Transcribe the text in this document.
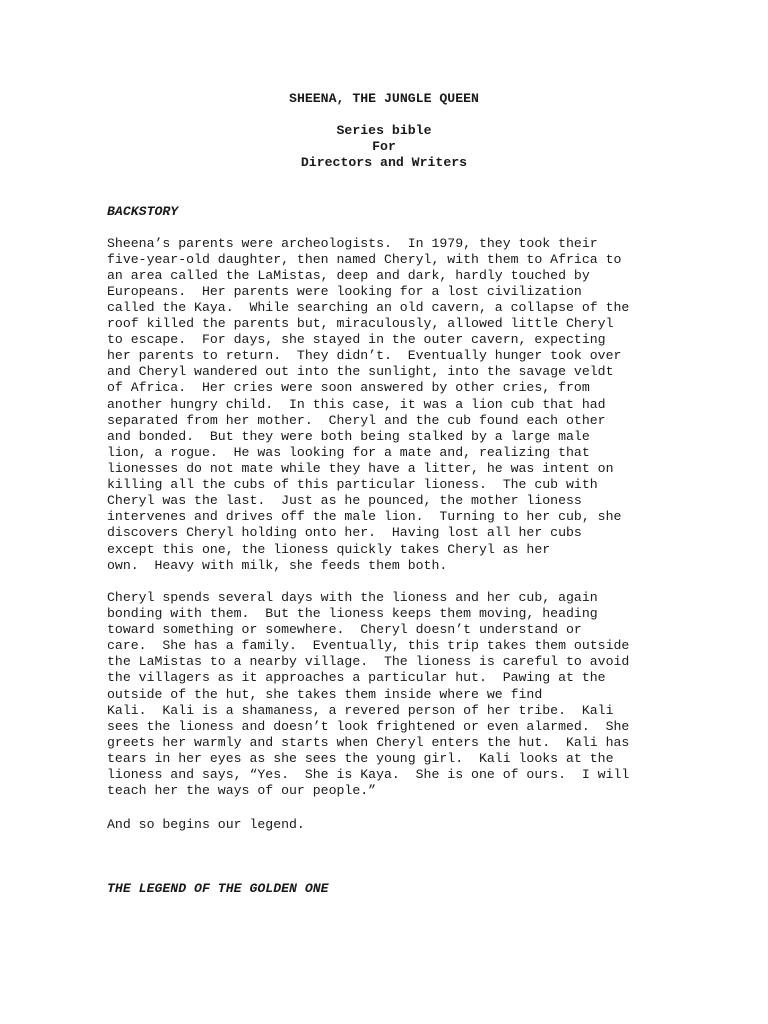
SHEENA, THE JUNGLE QUEEN

Series bible

For

Directors and Writers

BACKSTORY

Sheena’s parents were archeologists.  In 1979, they took their

five-year-old daughter, then named Cheryl, with them to Africa to

an area called the LaMistas, deep and dark, hardly touched by

Europeans.  Her parents were looking for a lost civilization

called the Kaya.  While searching an old cavern, a collapse of the

roof killed the parents but, miraculously, allowed little Cheryl

to escape.  For days, she stayed in the outer cavern, expecting

her parents to return.  They didn’t.  Eventually hunger took over

and Cheryl wandered out into the sunlight, into the savage veldt

of Africa.  Her cries were soon answered by other cries, from

another hungry child.  In this case, it was a lion cub that had

separated from her mother.  Cheryl and the cub found each other

and bonded.  But they were both being stalked by a large male

lion, a rogue.  He was looking for a mate and, realizing that

lionesses do not mate while they have a litter, he was intent on

killing all the cubs of this particular lioness.  The cub with

Cheryl was the last.  Just as he pounced, the mother lioness

intervenes and drives off the male lion.  Turning to her cub, she

discovers Cheryl holding onto her.  Having lost all her cubs

except this one, the lioness quickly takes Cheryl as her

own.  Heavy with milk, she feeds them both.

Cheryl spends several days with the lioness and her cub, again

bonding with them.  But the lioness keeps them moving, heading

toward something or somewhere.  Cheryl doesn’t understand or

care.  She has a family.  Eventually, this trip takes them outside

the LaMistas to a nearby village.  The lioness is careful to avoid

the villagers as it approaches a particular hut.  Pawing at the

outside of the hut, she takes them inside where we find

Kali.  Kali is a shamaness, a revered person of her tribe.  Kali

sees the lioness and doesn’t look frightened or even alarmed.  She

greets her warmly and starts when Cheryl enters the hut.  Kali has

tears in her eyes as she sees the young girl.  Kali looks at the

lioness and says, “Yes.  She is Kaya.  She is one of ours.  I will

teach her the ways of our people.”

And so begins our legend.

THE LEGEND OF THE GOLDEN ONE
